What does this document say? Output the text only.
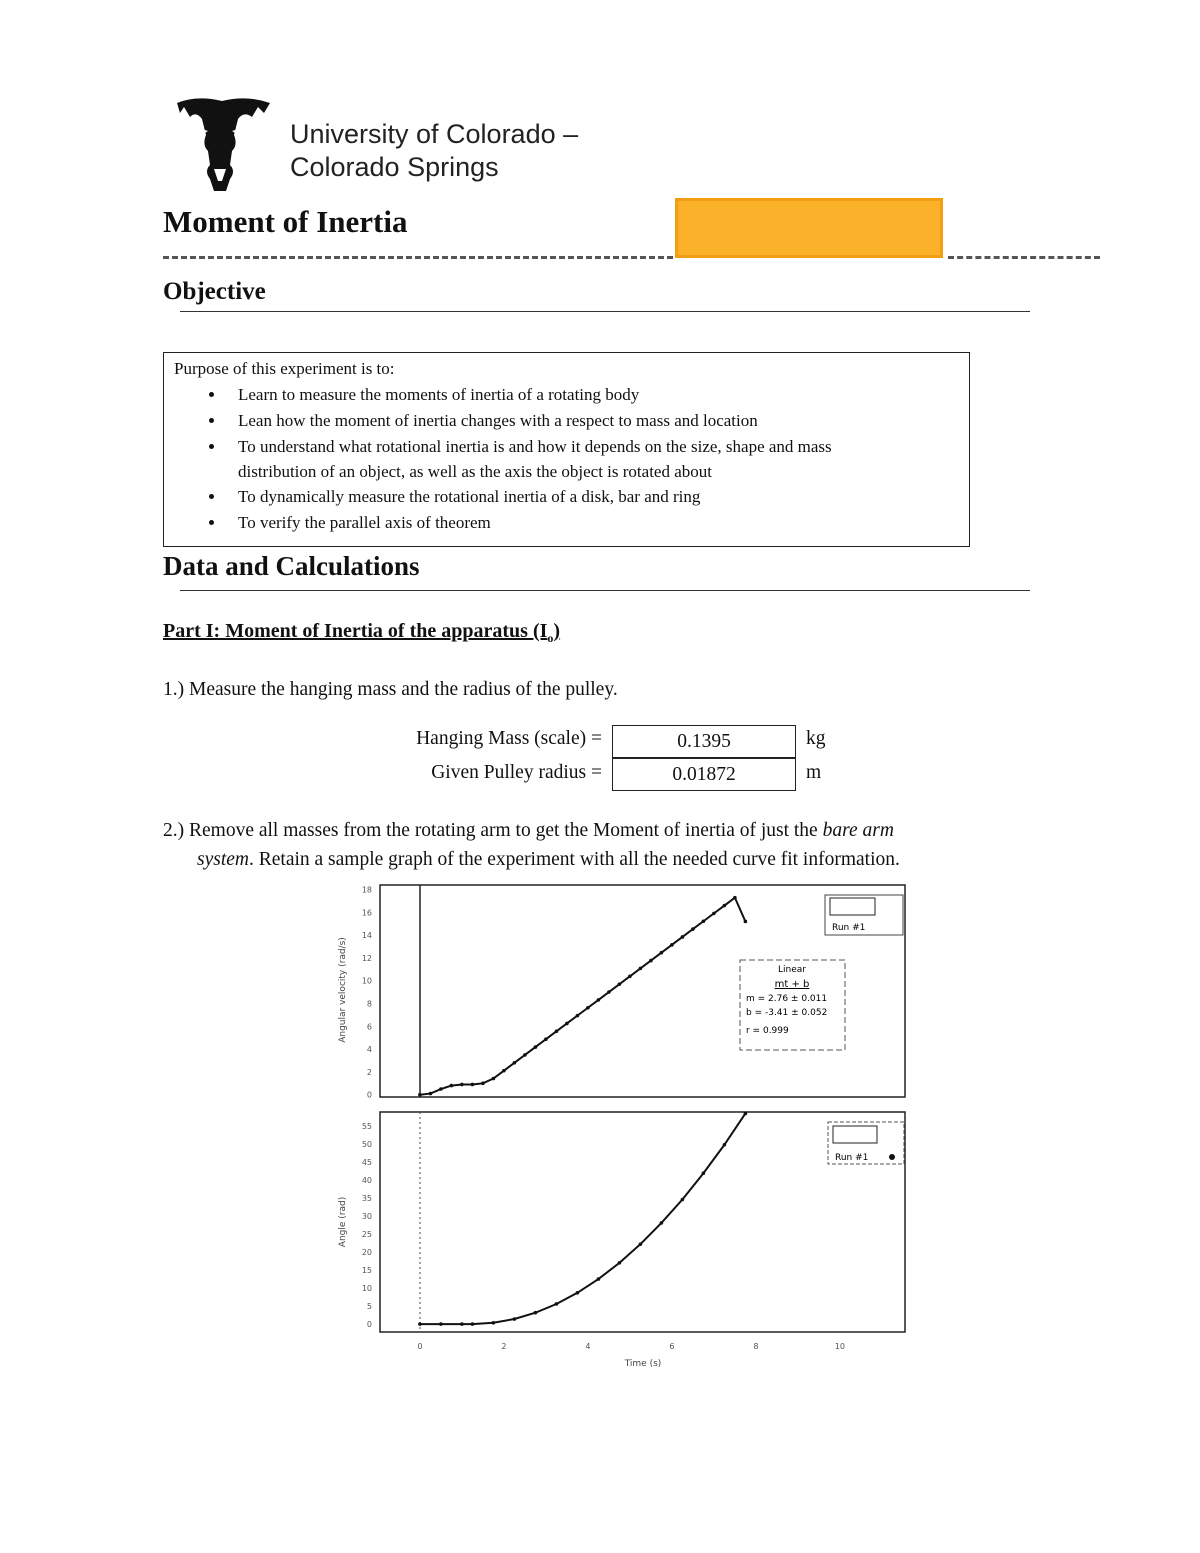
University of Colorado –
Colorado Springs
Moment of Inertia
Objective
Purpose of this experiment is to:
• Learn to measure the moments of inertia of a rotating body
• Lean how the moment of inertia changes with a respect to mass and location
• To understand what rotational inertia is and how it depends on the size, shape and mass distribution of an object, as well as the axis the object is rotated about
• To dynamically measure the rotational inertia of a disk, bar and ring
• To verify the parallel axis of theorem
Data and Calculations
Part I: Moment of Inertia of the apparatus $(I_o)$
1.) Measure the hanging mass and the radius of the pulley.
Hanging Mass (scale) =	0.1395	kg
Given Pulley radius =	0.01872	m
2.) Remove all masses from the rotating arm to get the Moment of inertia of just the bare arm
system. Retain a sample graph of the experiment with all the needed curve fit information.
Angular velocity (rad/s)	Linear
mt + b
m = 2.76 ± 0.011
b = -3.41 ± 0.052
r = 0.999
Run #1
0
2
4
6
8
10
12
14
16
18
Angle (rad)
Time (s)
Run #1
0
5
10
15
20
25
30
35
40
45
50
55
0	2	4	6	8	10
